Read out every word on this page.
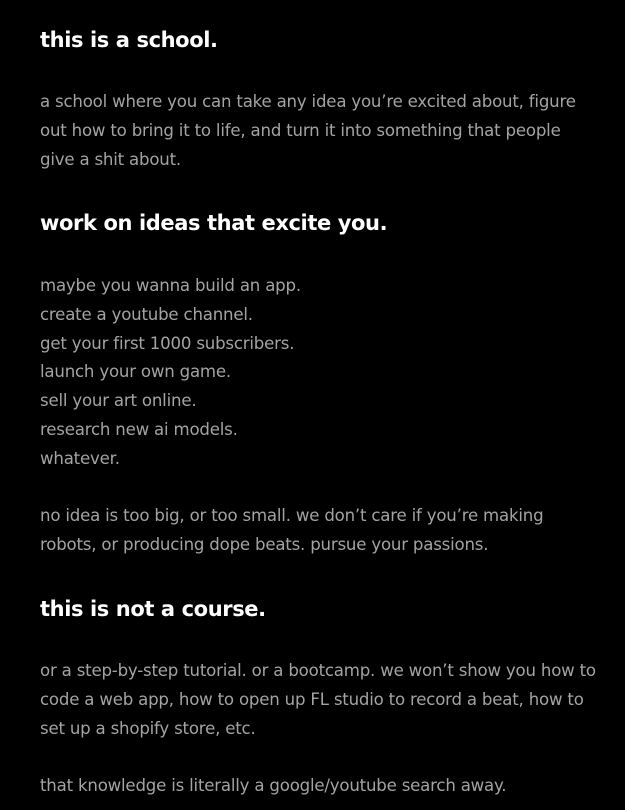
this is a school.

a school where you can take any idea you’re excited about, figure out how to bring it to life, and turn it into something that people give a shit about.

work on ideas that excite you.

maybe you wanna build an app.
create a youtube channel.
get your first 1000 subscribers.
launch your own game.
sell your art online.
research new ai models.
whatever.

no idea is too big, or too small. we don’t care if you’re making robots, or producing dope beats. pursue your passions.

this is not a course.

or a step-by-step tutorial. or a bootcamp. we won’t show you how to code a web app, how to open up FL studio to record a beat, how to set up a shopify store, etc.

that knowledge is literally a google/youtube search away.
